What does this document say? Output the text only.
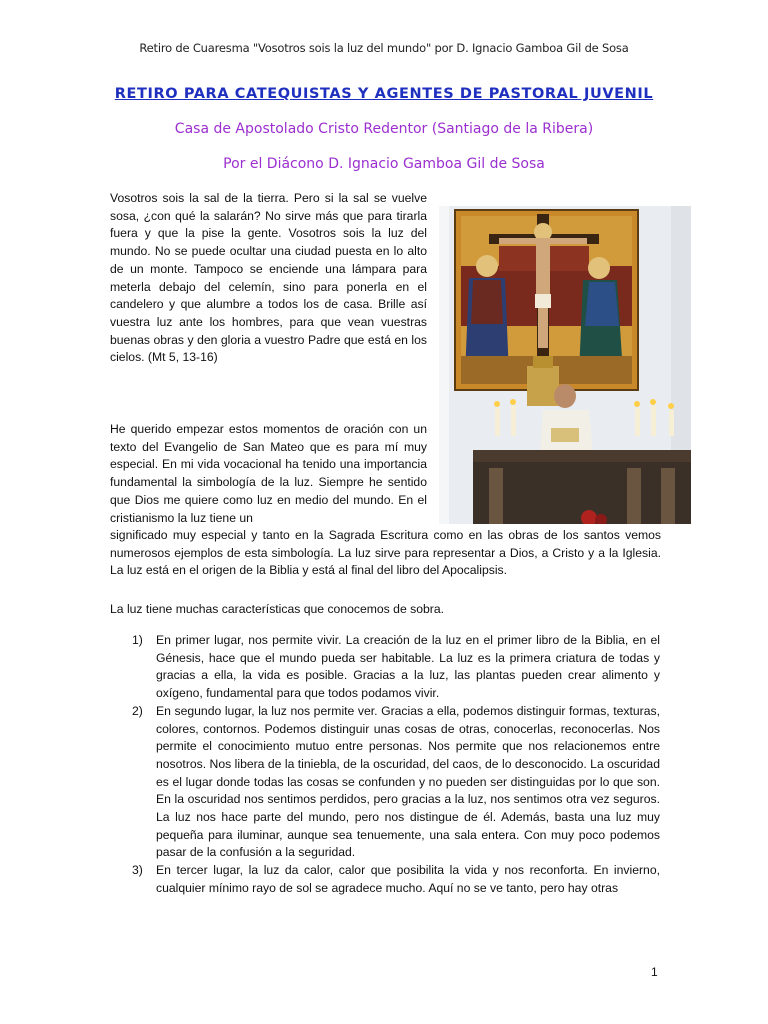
Retiro de Cuaresma "Vosotros sois la luz del mundo" por D. Ignacio Gamboa Gil de Sosa
RETIRO PARA CATEQUISTAS Y AGENTES DE PASTORAL JUVENIL
Casa de Apostolado Cristo Redentor (Santiago de la Ribera)
Por el Diácono D. Ignacio Gamboa Gil de Sosa
Vosotros sois la sal de la tierra. Pero si la sal se vuelve sosa, ¿con qué la salarán? No sirve más que para tirarla fuera y que la pise la gente. Vosotros sois la luz del mundo. No se puede ocultar una ciudad puesta en lo alto de un monte. Tampoco se enciende una lámpara para meterla debajo del celemín, sino para ponerla en el candelero y que alumbre a todos los de casa. Brille así vuestra luz ante los hombres, para que vean vuestras buenas obras y den gloria a vuestro Padre que está en los cielos. (Mt 5, 13-16)
He querido empezar estos momentos de oración con un texto del Evangelio de San Mateo que es para mí muy especial. En mi vida vocacional ha tenido una importancia fundamental la simbología de la luz. Siempre he sentido que Dios me quiere como luz en medio del mundo. En el cristianismo la luz tiene un
significado muy especial y tanto en la Sagrada Escritura como en las obras de los santos vemos numerosos ejemplos de esta simbología. La luz sirve para representar a Dios, a Cristo y a la Iglesia. La luz está en el origen de la Biblia y está al final del libro del Apocalipsis.
La luz tiene muchas características que conocemos de sobra.
1) En primer lugar, nos permite vivir. La creación de la luz en el primer libro de la Biblia, en el Génesis, hace que el mundo pueda ser habitable. La luz es la primera criatura de todas y gracias a ella, la vida es posible. Gracias a la luz, las plantas pueden crear alimento y oxígeno, fundamental para que todos podamos vivir.
2) En segundo lugar, la luz nos permite ver. Gracias a ella, podemos distinguir formas, texturas, colores, contornos. Podemos distinguir unas cosas de otras, conocerlas, reconocerlas. Nos permite el conocimiento mutuo entre personas. Nos permite que nos relacionemos entre nosotros. Nos libera de la tiniebla, de la oscuridad, del caos, de lo desconocido. La oscuridad es el lugar donde todas las cosas se confunden y no pueden ser distinguidas por lo que son. En la oscuridad nos sentimos perdidos, pero gracias a la luz, nos sentimos otra vez seguros. La luz nos hace parte del mundo, pero nos distingue de él. Además, basta una luz muy pequeña para iluminar, aunque sea tenuemente, una sala entera. Con muy poco podemos pasar de la confusión a la seguridad.
3) En tercer lugar, la luz da calor, calor que posibilita la vida y nos reconforta. En invierno, cualquier mínimo rayo de sol se agradece mucho. Aquí no se ve tanto, pero hay otras
1
